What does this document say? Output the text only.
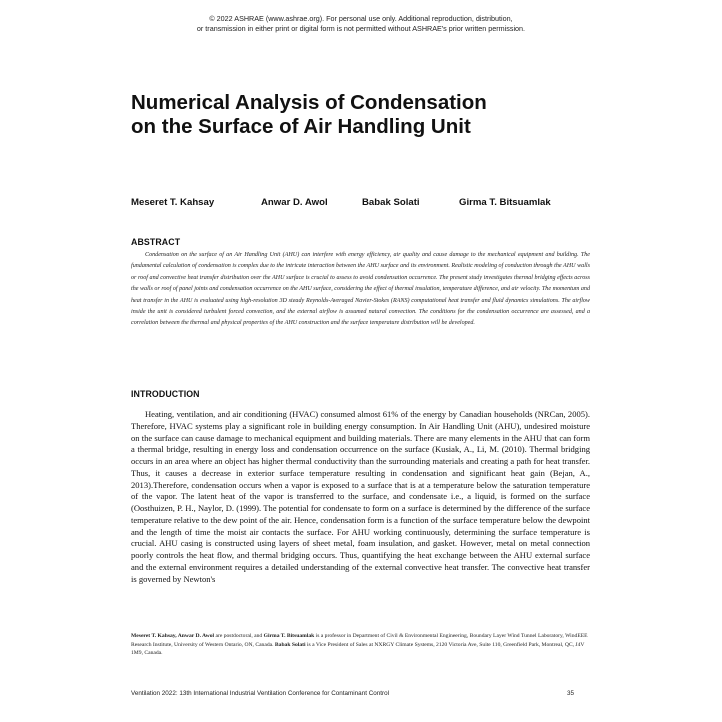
© 2022 ASHRAE (www.ashrae.org). For personal use only. Additional reproduction, distribution,
or transmission in either print or digital form is not permitted without ASHRAE's prior written permission.
Numerical Analysis of Condensation
on the Surface of Air Handling Unit
Meseret T. Kahsay	Anwar D. Awol	Babak Solati	Girma T. Bitsuamlak
ABSTRACT
Condensation on the surface of an Air Handling Unit (AHU) can interfere with energy efficiency, air quality and cause damage to the mechanical equipment and building. The fundamental calculation of condensation is complex due to the intricate interaction between the AHU surface and its environment. Realistic modeling of conduction through the AHU walls or roof and convective heat transfer distribution over the AHU surface is crucial to assess to avoid condensation occurrence. The present study investigates thermal bridging effects across the walls or roof of panel joints and condensation occurrence on the AHU surface, considering the effect of thermal insulation, temperature difference, and air velocity. The momentum and heat transfer in the AHU is evaluated using high-resolution 3D steady Reynolds-Averaged Navier-Stokes (RANS) computational heat transfer and fluid dynamics simulations. The airflow inside the unit is considered turbulent forced convection, and the external airflow is assumed natural convection. The conditions for the condensation occurrence are assessed, and a correlation between the thermal and physical properties of the AHU construction and the surface temperature distribution will be developed.
INTRODUCTION
Heating, ventilation, and air conditioning (HVAC) consumed almost 61% of the energy by Canadian households (NRCan, 2005). Therefore, HVAC systems play a significant role in building energy consumption. In Air Handling Unit (AHU), undesired moisture on the surface can cause damage to mechanical equipment and building materials. There are many elements in the AHU that can form a thermal bridge, resulting in energy loss and condensation occurrence on the surface (Kusiak, A., Li, M. (2010). Thermal bridging occurs in an area where an object has higher thermal conductivity than the surrounding materials and creating a path for heat transfer. Thus, it causes a decrease in exterior surface temperature resulting in condensation and significant heat gain (Bejan, A., 2013).Therefore, condensation occurs when a vapor is exposed to a surface that is at a temperature below the saturation temperature of the vapor. The latent heat of the vapor is transferred to the surface, and condensate i.e., a liquid, is formed on the surface (Oosthuizen, P. H., Naylor, D. (1999). The potential for condensate to form on a surface is determined by the difference of the surface temperature relative to the dew point of the air. Hence, condensation form is a function of the surface temperature below the dewpoint and the length of time the moist air contacts the surface. For AHU working continuously, determining the surface temperature is crucial. AHU casing is constructed using layers of sheet metal, foam insulation, and gasket. However, metal on metal connection poorly controls the heat flow, and thermal bridging occurs. Thus, quantifying the heat exchange between the AHU external surface and the external environment requires a detailed understanding of the external convective heat transfer. The convective heat transfer is governed by Newton's
Meseret T. Kahsay, Anwar D. Awol are postdoctoral, and Girma T. Bitsuamlak is a professor in Department of Civil & Environmental Engineering, Boundary Layer Wind Tunnel Laboratory, WindEEE Research Institute, University of Western Ontario, ON, Canada. Babak Solati is a Vice President of Sales at NXRGY Climate Systems, 2120 Victoria Ave, Suite 110, Greenfield Park, Montreal, QC, J4V 1M9, Canada.
Ventilation 2022: 13th International Industrial Ventilation Conference for Contaminant Control	35
